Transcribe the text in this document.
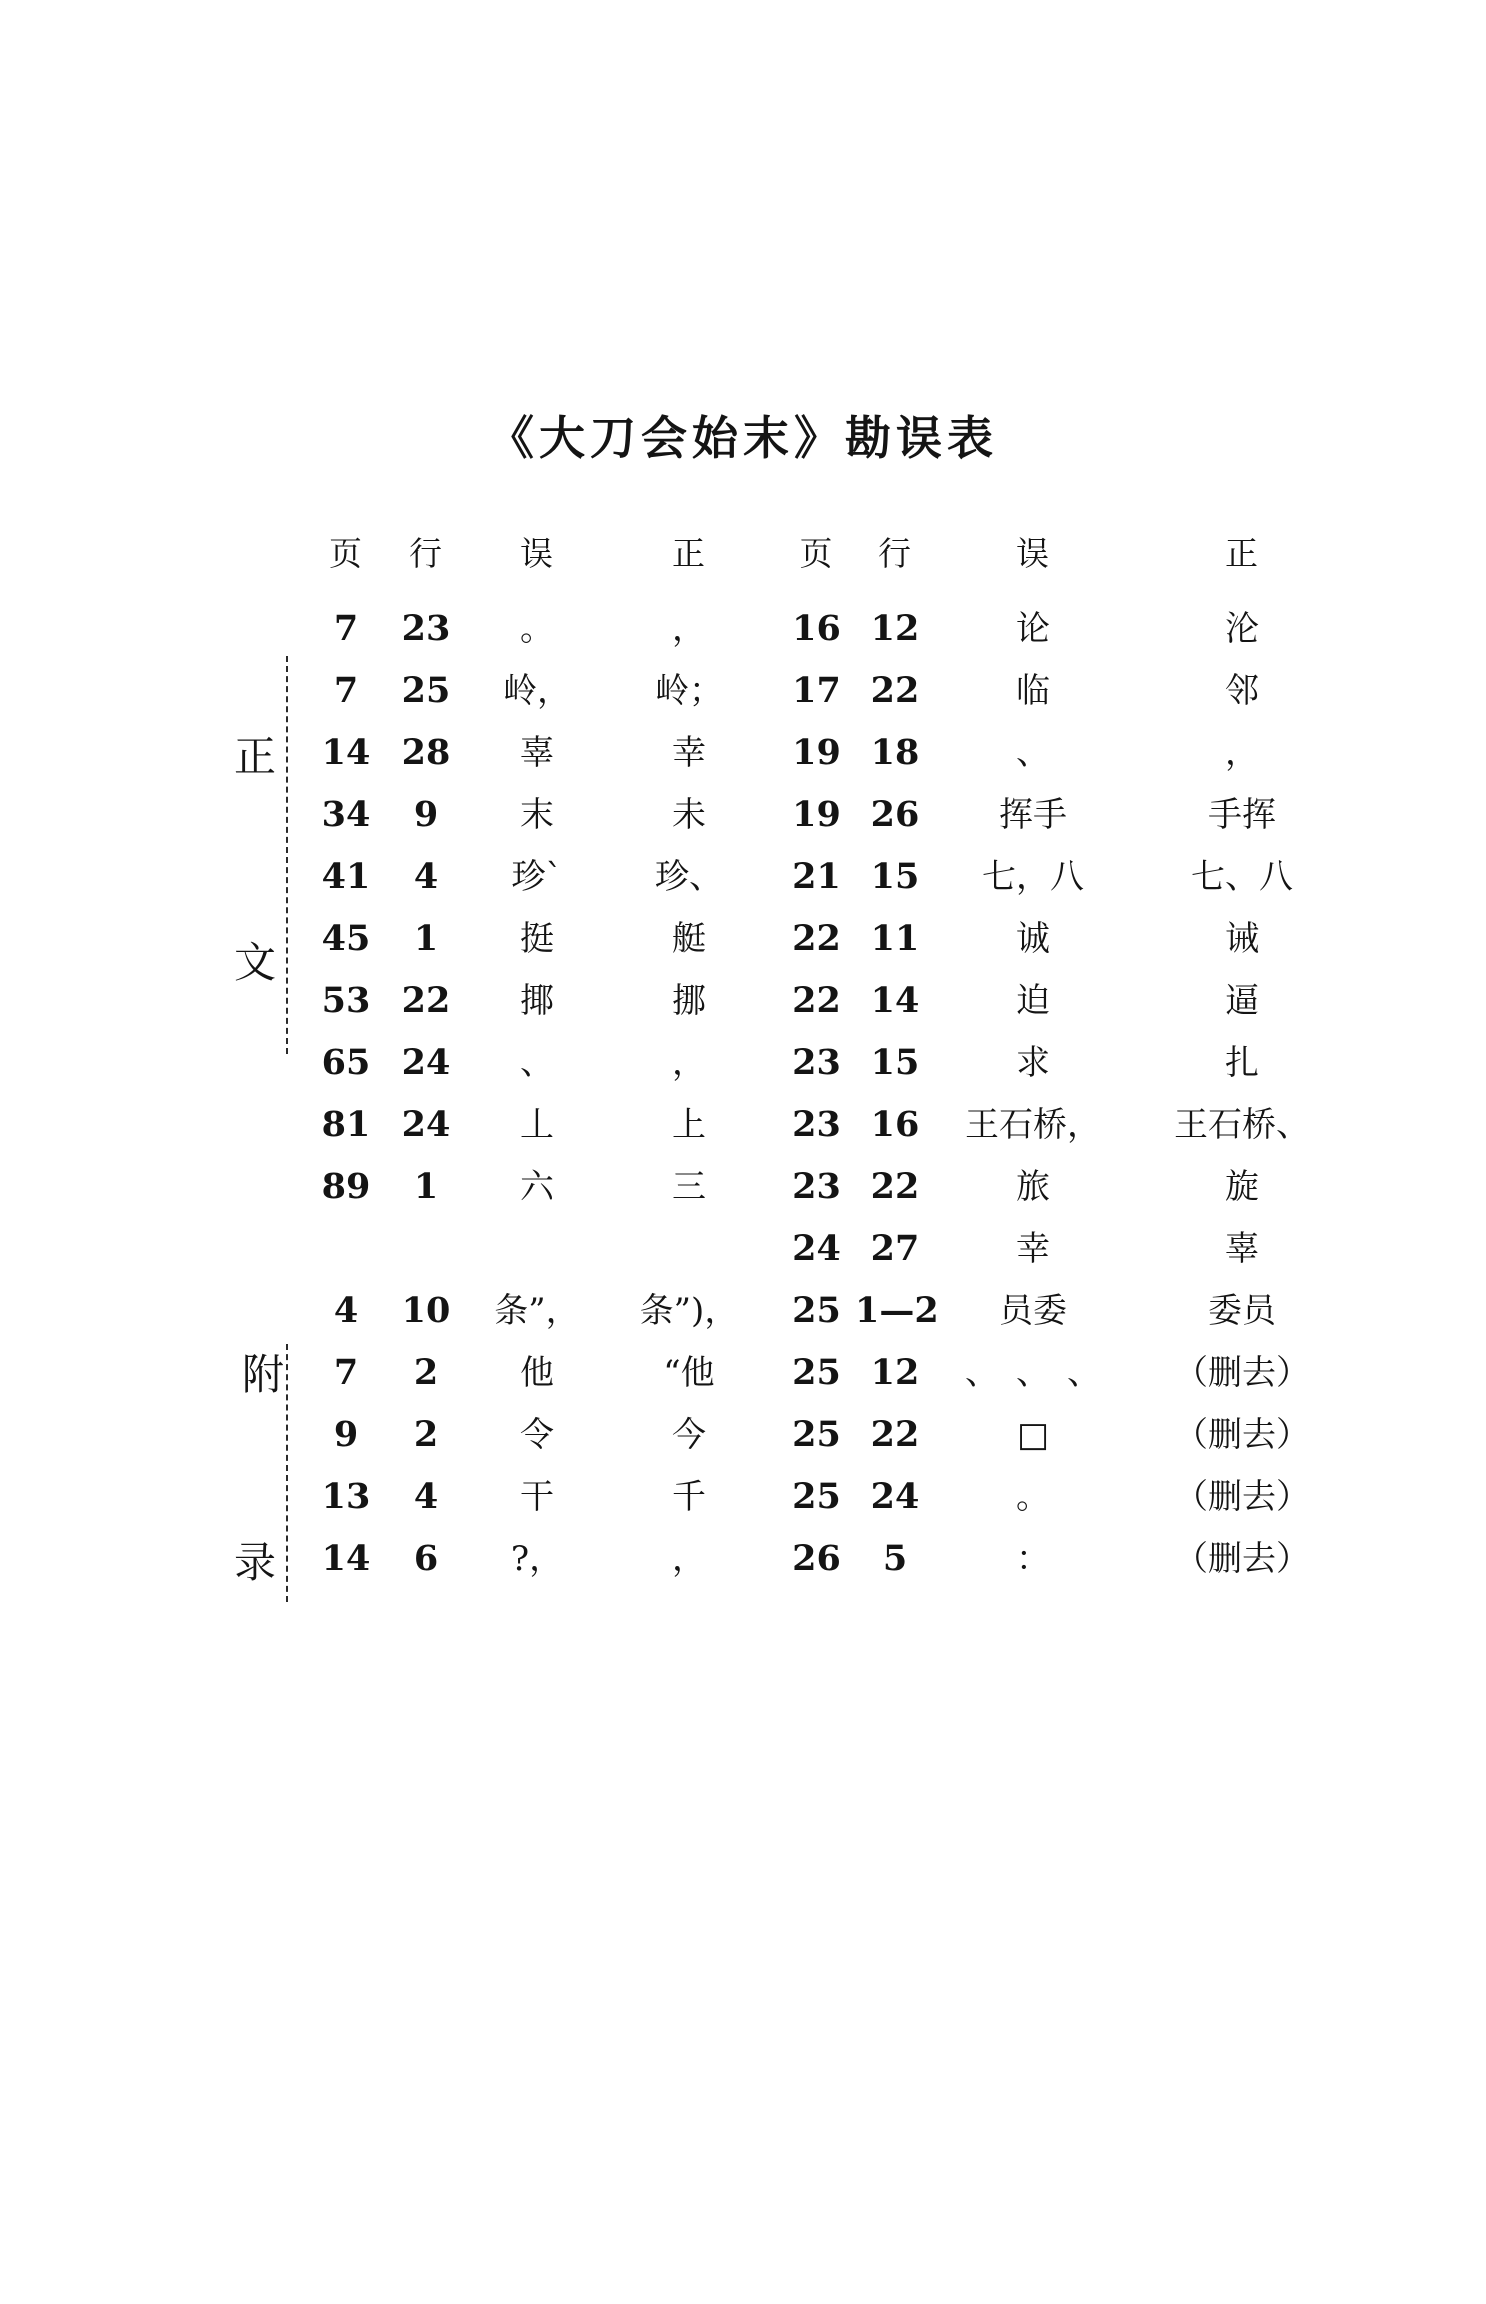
《大刀会始末》勘误表
正
文
附
录
页	行	误	正
7	23	。	，
7	25	岭，	岭；
14 28	辜	幸
34	9	末	未
41	4	珍`	珍、
45	1	挺	艇
53 22	揶	挪
65 24	、	，
81 24	丄	上
89	1	六	三
4	10	条”，	条”)，
7	2	他	“他
9	2	令	今
13	4	干	千
14	6	?，	，
页	行	误	正
16 12	论	沦
17 22	临	邻
19 18	、	，
19 26	挥手	手挥
21 15	七，八	七、八
22 11	诚	诫
22 14	迫	逼
23 15	求	扎
23 16	王石桥，	王石桥、
23 22	旅	旋
24 27	幸	辜
25 1—2	员委	委员
25 12	、　、　、	（删去）
25 22	□	（删去）
25 24	。	（删去）
26	5	：	（删去）
